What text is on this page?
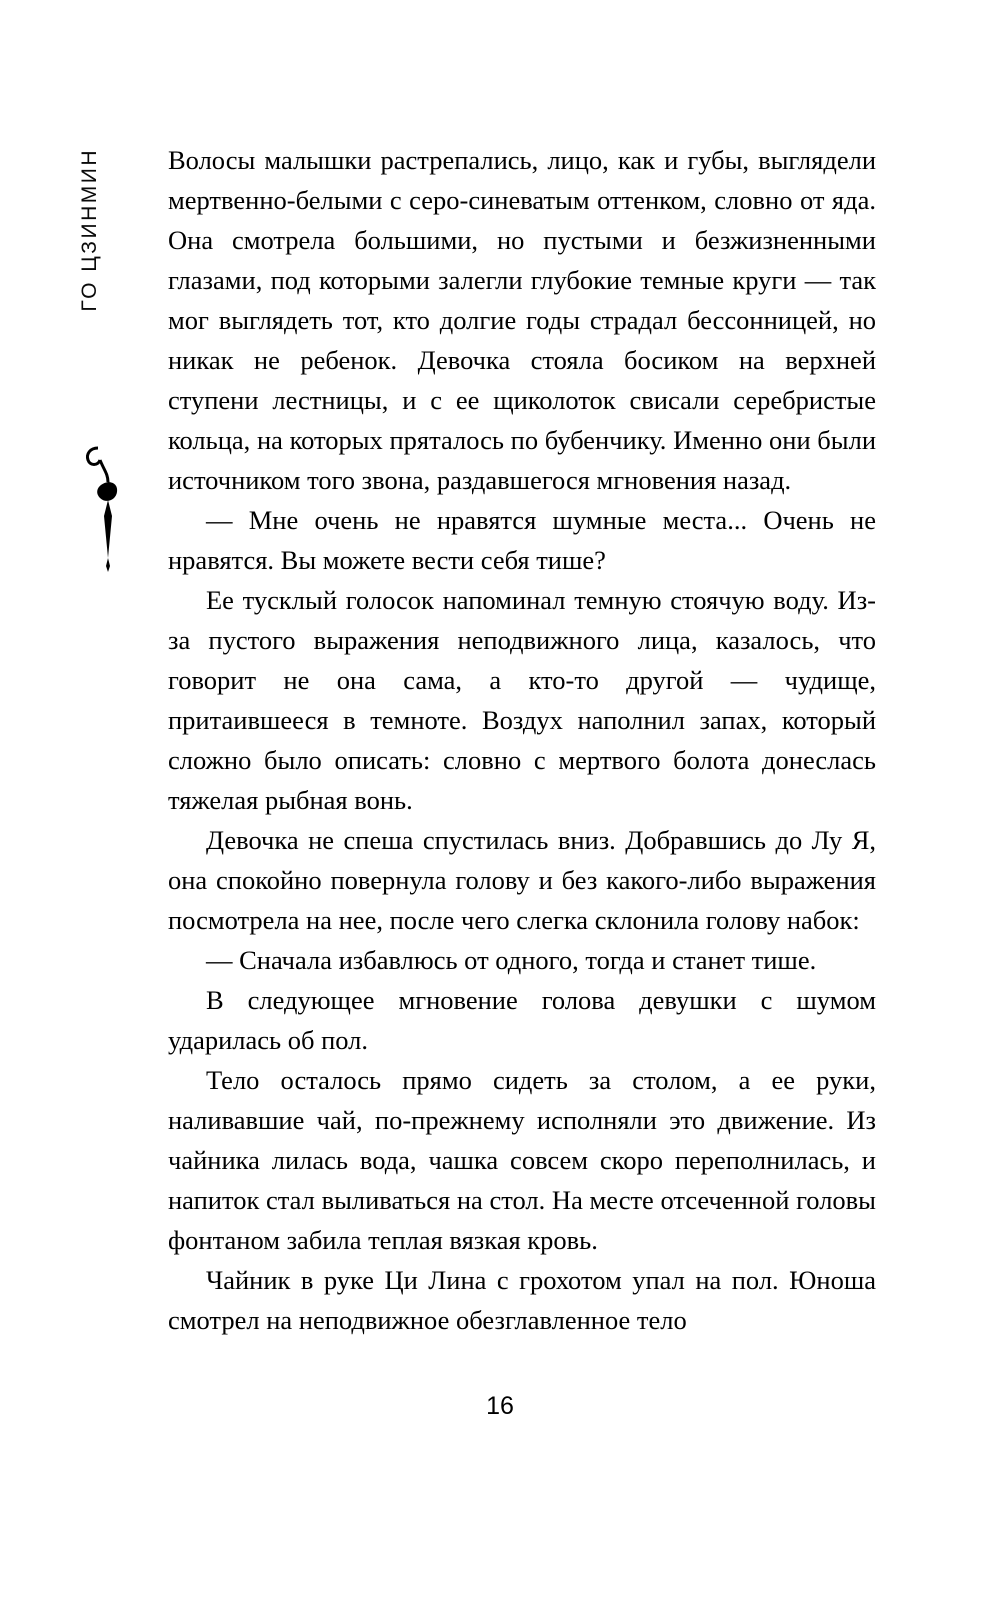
ГО ЦЗИНМИН	Волосы малышки растрепались, лицо, как и губы, выглядели мертвенно-белыми с серо-синеватым оттенком, словно от яда. Она смотрела большими, но пустыми и безжизненными глазами, под которыми залегли глубокие темные круги — так мог выглядеть тот, кто долгие годы страдал бессонницей, но никак не ребенок. Девочка стояла босиком на верхней ступени лестницы, и с ее щиколоток свисали серебристые кольца, на которых пряталось по бубенчику. Именно они были источником того звона, раздавшегося мгновения назад.

— Мне очень не нравятся шумные места... Очень не нравятся. Вы можете вести себя тише?

Ее тусклый голосок напоминал темную стоячую воду. Из-за пустого выражения неподвижного лица, казалось, что говорит не она сама, а кто-то другой — чудище, притаившееся в темноте. Воздух наполнил запах, который сложно было описать: словно с мертвого болота донеслась тяжелая рыбная вонь.

Девочка не спеша спустилась вниз. Добравшись до Лу Я, она спокойно повернула голову и без какого-либо выражения посмотрела на нее, после чего слегка склонила голову набок:

— Сначала избавлюсь от одного, тогда и станет тише.

В следующее мгновение голова девушки с шумом ударилась об пол.

Тело осталось прямо сидеть за столом, а ее руки, наливавшие чай, по-прежнему исполняли это движение. Из чайника лилась вода, чашка совсем скоро переполнилась, и напиток стал выливаться на стол. На месте отсеченной головы фонтаном забила теплая вязкая кровь.

Чайник в руке Ци Лина с грохотом упал на пол. Юноша смотрел на неподвижное обезглавленное тело

16
